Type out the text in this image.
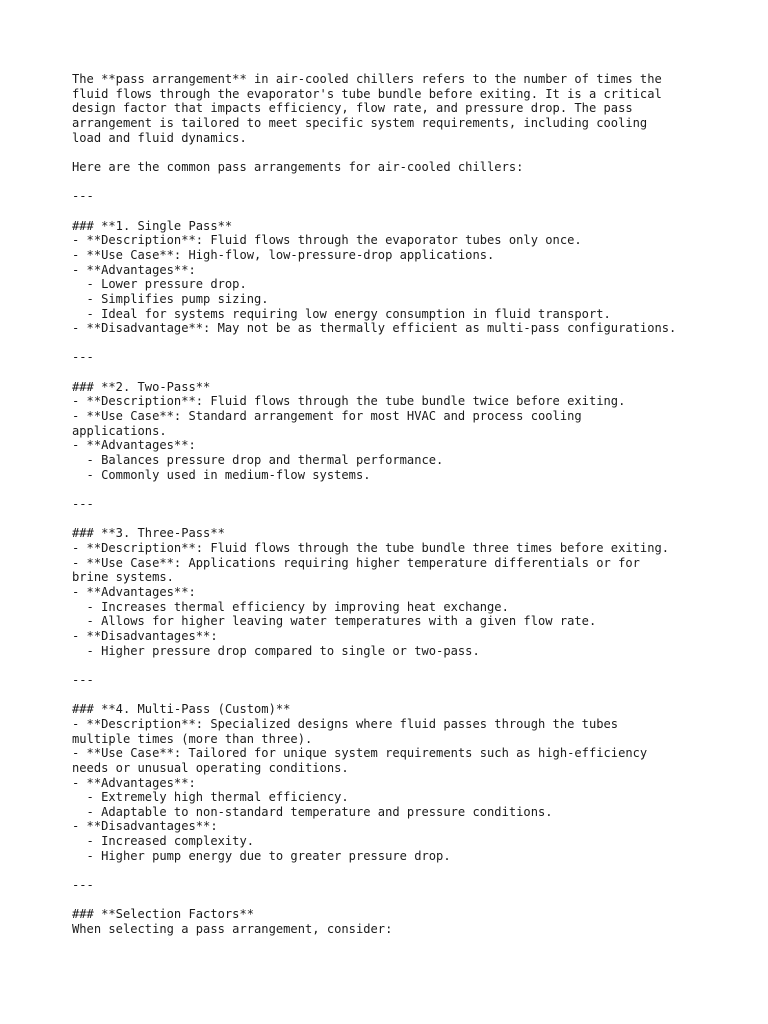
The **pass arrangement** in air-cooled chillers refers to the number of times the
fluid flows through the evaporator's tube bundle before exiting. It is a critical
design factor that impacts efficiency, flow rate, and pressure drop. The pass
arrangement is tailored to meet specific system requirements, including cooling
load and fluid dynamics.
Here are the common pass arrangements for air-cooled chillers:
---
### **1. Single Pass**
- **Description**: Fluid flows through the evaporator tubes only once.
- **Use Case**: High-flow, low-pressure-drop applications.
- **Advantages**:
- Lower pressure drop.
- Simplifies pump sizing.
- Ideal for systems requiring low energy consumption in fluid transport.
- **Disadvantage**: May not be as thermally efficient as multi-pass configurations.
---
### **2. Two-Pass**
- **Description**: Fluid flows through the tube bundle twice before exiting.
- **Use Case**: Standard arrangement for most HVAC and process cooling
applications.
- **Advantages**:
- Balances pressure drop and thermal performance.
- Commonly used in medium-flow systems.
---
### **3. Three-Pass**
- **Description**: Fluid flows through the tube bundle three times before exiting.
- **Use Case**: Applications requiring higher temperature differentials or for
brine systems.
- **Advantages**:
- Increases thermal efficiency by improving heat exchange.
- Allows for higher leaving water temperatures with a given flow rate.
- **Disadvantages**:
- Higher pressure drop compared to single or two-pass.
---
### **4. Multi-Pass (Custom)**
- **Description**: Specialized designs where fluid passes through the tubes
multiple times (more than three).
- **Use Case**: Tailored for unique system requirements such as high-efficiency
needs or unusual operating conditions.
- **Advantages**:
- Extremely high thermal efficiency.
- Adaptable to non-standard temperature and pressure conditions.
- **Disadvantages**:
- Increased complexity.
- Higher pump energy due to greater pressure drop.
---
### **Selection Factors**
When selecting a pass arrangement, consider:
